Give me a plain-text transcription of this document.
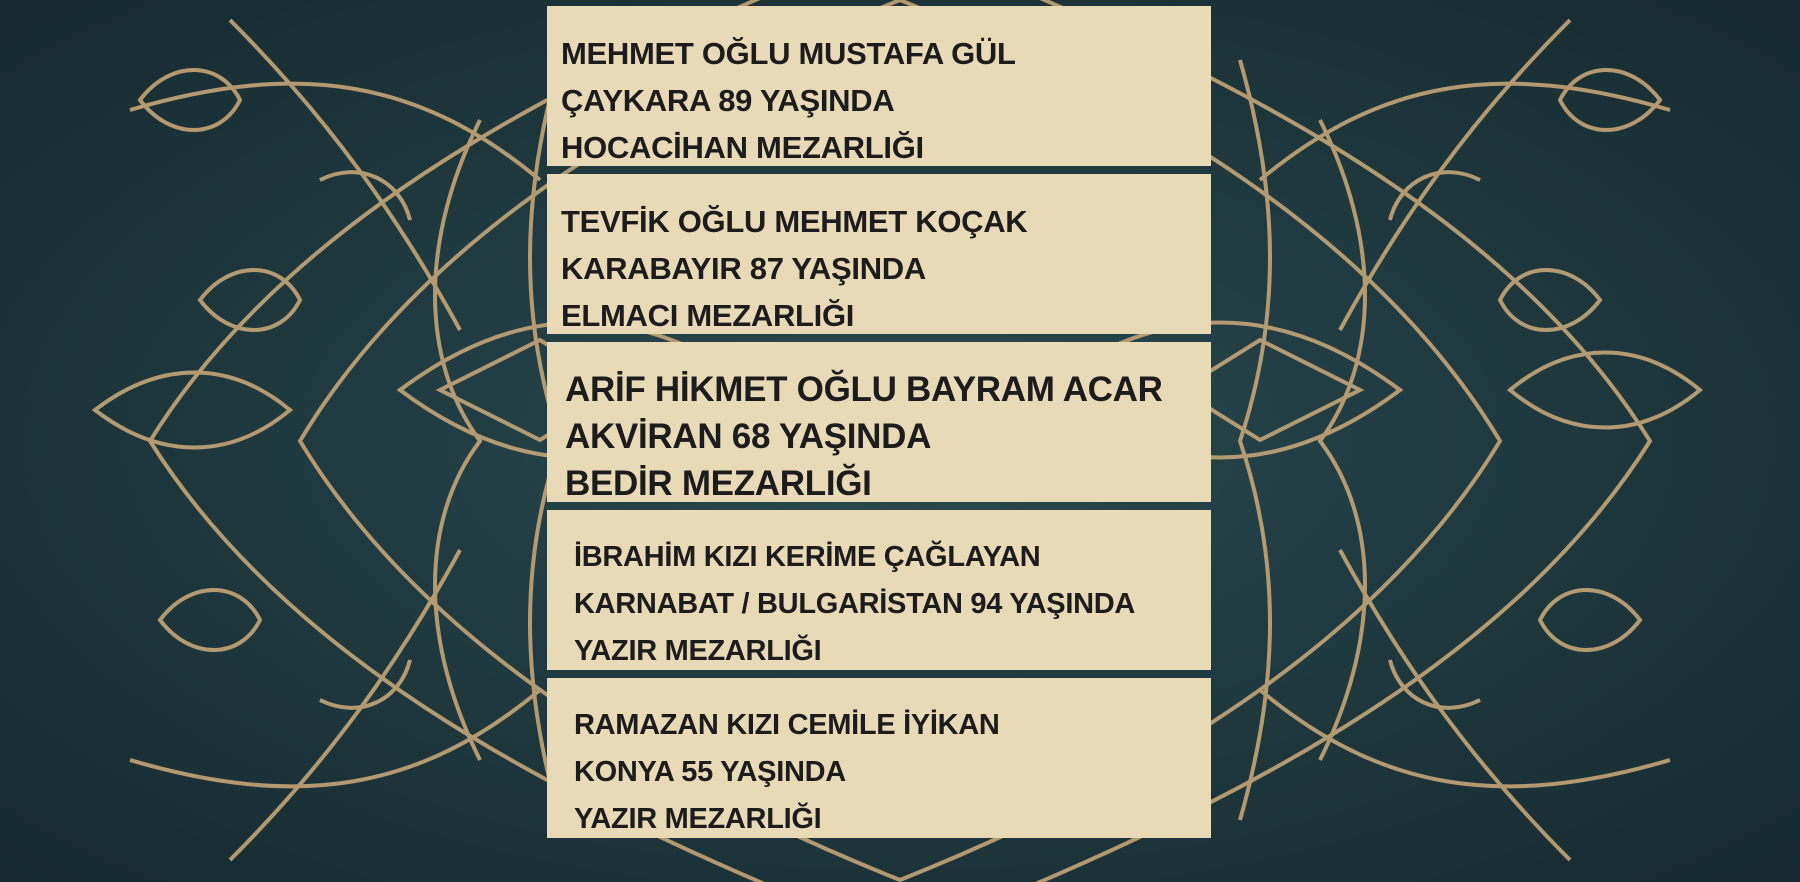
MEHMET OĞLU MUSTAFA GÜL
ÇAYKARA 89 YAŞINDA
HOCACİHAN MEZARLIĞI
TEVFİK OĞLU MEHMET KOÇAK
KARABAYIR 87 YAŞINDA
ELMACI MEZARLIĞI
ARİF HİKMET OĞLU BAYRAM ACAR
AKVİRAN 68 YAŞINDA
BEDİR MEZARLIĞI
İBRAHİM KIZI KERİME ÇAĞLAYAN
KARNABAT / BULGARİSTAN 94 YAŞINDA
YAZIR MEZARLIĞI
RAMAZAN KIZI CEMİLE İYİKAN
KONYA 55 YAŞINDA
YAZIR MEZARLIĞI
